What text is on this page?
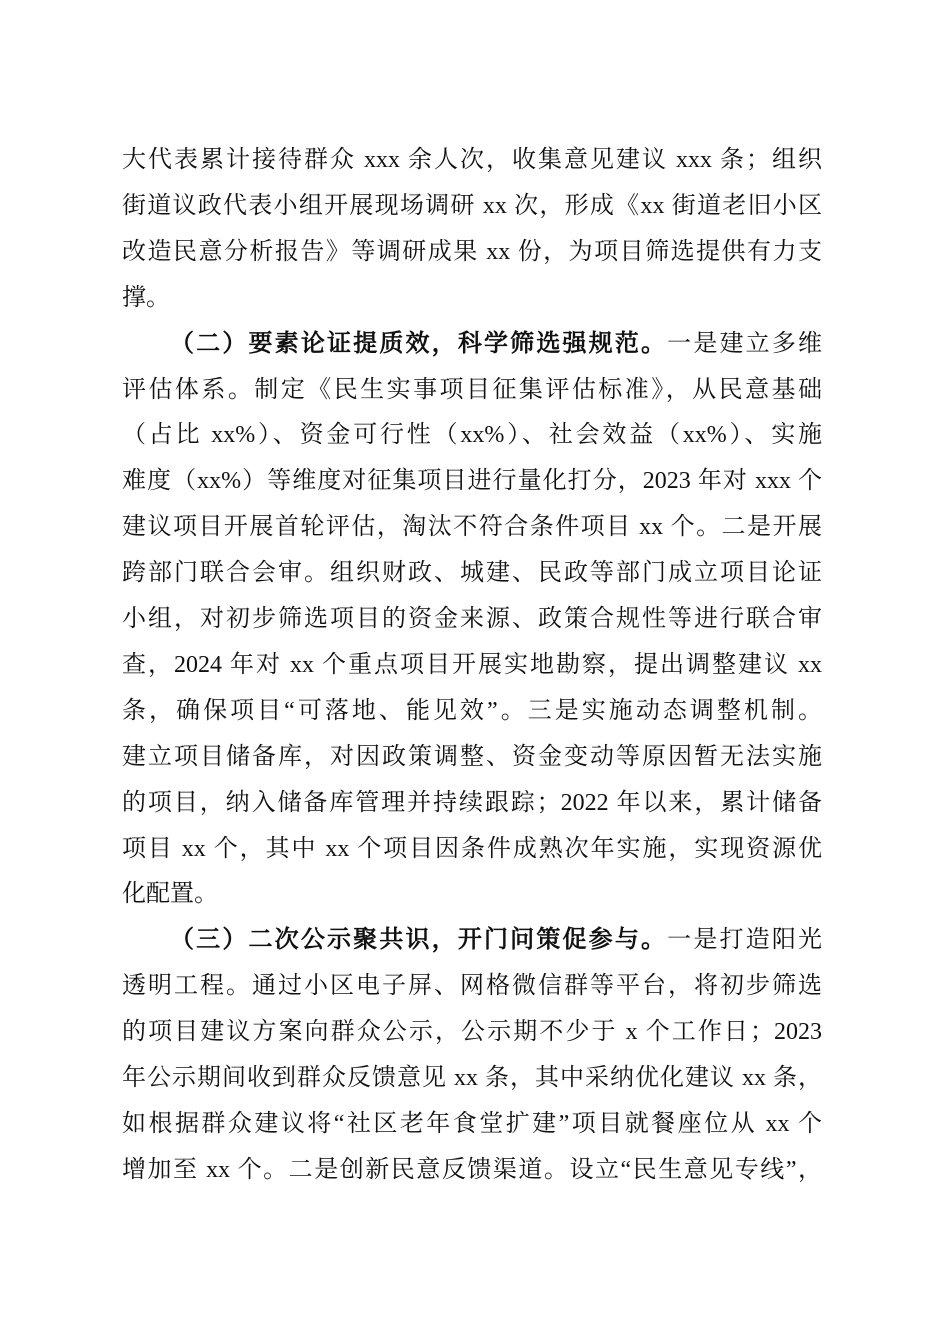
大代表累计接待群众 xxx 余人次，收集意见建议 xxx 条；组织
街道议政代表小组开展现场调研 xx 次，形成《xx 街道老旧小区
改造民意分析报告》等调研成果 xx 份，为项目筛选提供有力支
撑。
（二）要素论证提质效，科学筛选强规范。一是建立多维
评估体系。制定《民生实事项目征集评估标准》，从民意基础
（占比 xx%）、资金可行性（xx%）、社会效益（xx%）、实施
难度（xx%）等维度对征集项目进行量化打分，2023 年对 xxx 个
建议项目开展首轮评估，淘汰不符合条件项目 xx 个。二是开展
跨部门联合会审。组织财政、城建、民政等部门成立项目论证
小组，对初步筛选项目的资金来源、政策合规性等进行联合审
查，2024 年对 xx 个重点项目开展实地勘察，提出调整建议 xx
条，确保项目“可落地、能见效”。三是实施动态调整机制。
建立项目储备库，对因政策调整、资金变动等原因暂无法实施
的项目，纳入储备库管理并持续跟踪；2022 年以来，累计储备
项目 xx 个，其中 xx 个项目因条件成熟次年实施，实现资源优
化配置。
（三）二次公示聚共识，开门问策促参与。一是打造阳光
透明工程。通过小区电子屏、网格微信群等平台，将初步筛选
的项目建议方案向群众公示，公示期不少于 x 个工作日；2023
年公示期间收到群众反馈意见 xx 条，其中采纳优化建议 xx 条，
如根据群众建议将“社区老年食堂扩建”项目就餐座位从 xx 个
增加至 xx 个。二是创新民意反馈渠道。设立“民生意见专线”，
